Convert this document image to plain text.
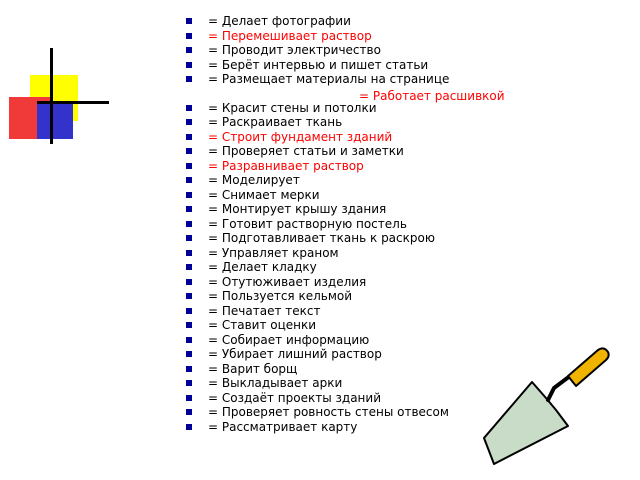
= Делает фотографии
= Перемешивает раствор
= Проводит электричество
= Берёт интервью и пишет статьи
= Размещает материалы на странице
= Красит стены и потолки
= Раскраивает ткань
= Строит фундамент зданий
= Проверяет статьи и заметки
= Разравнивает раствор
= Моделирует
= Снимает мерки
= Монтирует крышу здания
= Готовит растворную постель
= Подготавливает ткань к раскрою
= Управляет краном
= Делает кладку
= Отутюживает изделия
= Пользуется кельмой
= Печатает текст
= Ставит оценки
= Собирает информацию
= Убирает лишний раствор
= Варит борщ
= Выкладывает арки
= Создаёт проекты зданий
= Проверяет ровность стены отвесом
= Рассматривает карту
= Работает расшивкой
